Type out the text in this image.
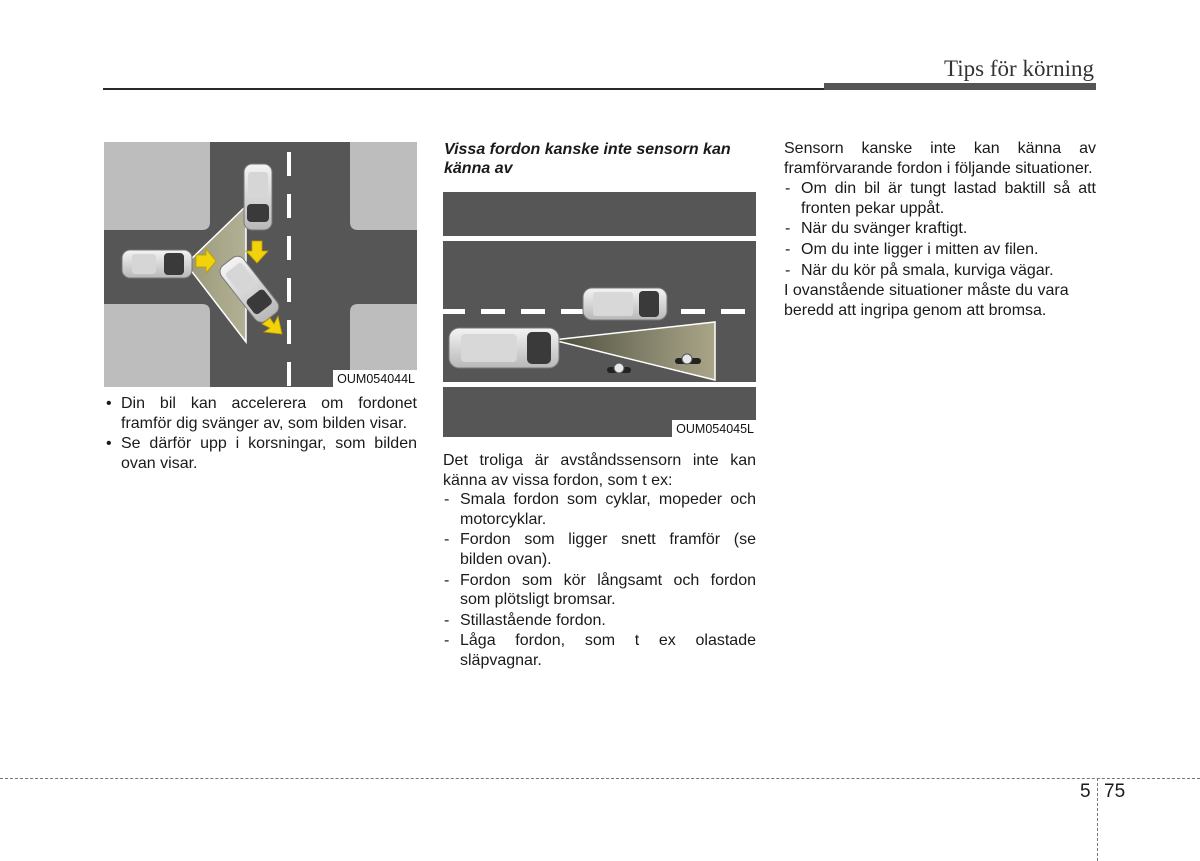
Tips för körning
OUM054044L
OUM054045L
• Din bil kan accelerera om fordonet framför dig svänger av, som bilden visar.
• Se därför upp i korsningar, som bilden ovan visar.
Vissa fordon kanske inte sensorn kan känna av

Det troliga är avståndssensorn inte kan känna av vissa fordon, som t ex:

- Smala fordon som cyklar, mopeder och motorcyklar.
- Fordon som ligger snett framför (se bilden ovan).
- Fordon som kör långsamt och fordon som plötsligt bromsar.
- Stillastående fordon.
- Låga fordon, som t ex olastade släpvagnar.

Sensorn kanske inte kan känna av framförvarande fordon i följande situationer.

- Om din bil är tungt lastad baktill så att fronten pekar uppåt.
- När du svänger kraftigt.
- Om du inte ligger i mitten av filen.
- När du kör på smala, kurviga vägar.

I ovanstående situationer måste du vara beredd att ingripa genom att bromsa.

5 75
